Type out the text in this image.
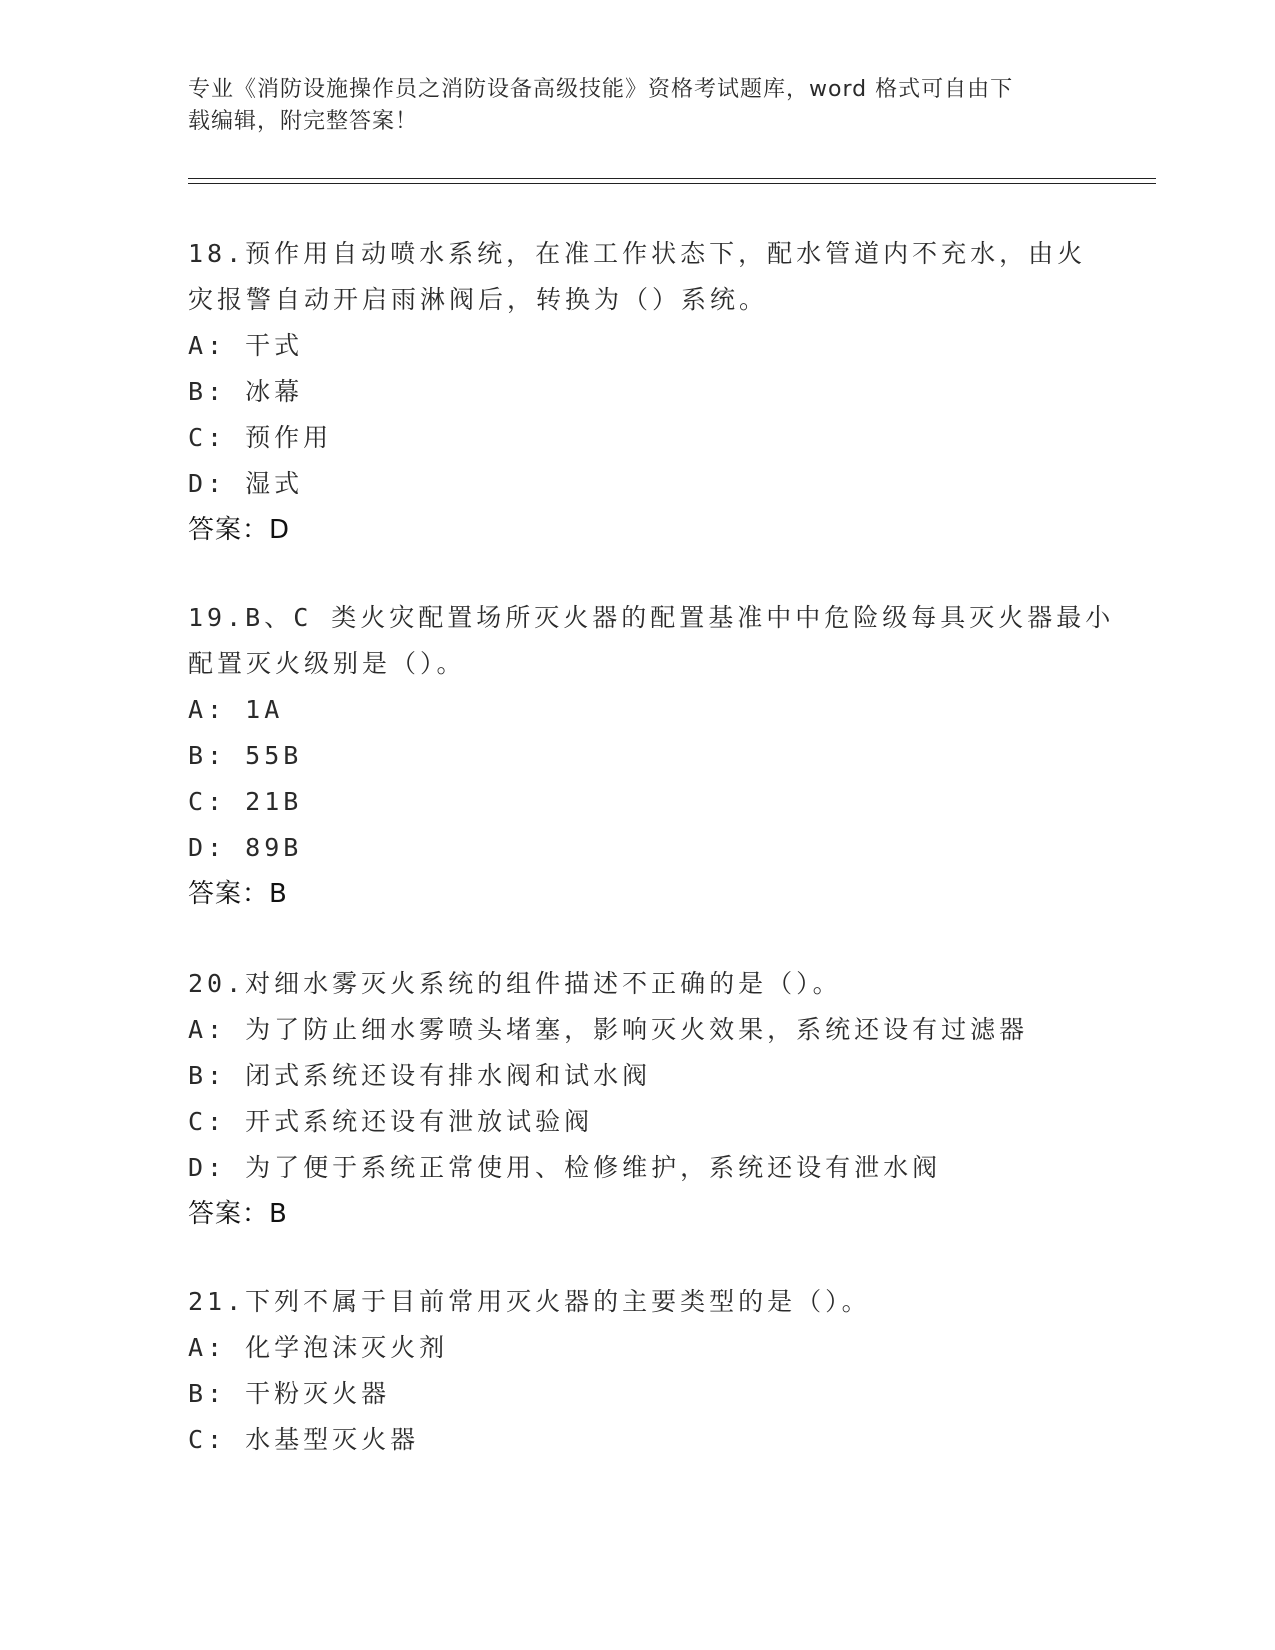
专业《消防设施操作员之消防设备高级技能》资格考试题库，word 格式可自由下
载编辑，附完整答案！
18.预作用自动喷水系统，在准工作状态下，配水管道内不充水，由火
灾报警自动开启雨淋阀后，转换为（）系统。
A: 干式
B: 冰幕
C: 预作用
D: 湿式
答案：D
19.B、C 类火灾配置场所灭火器的配置基准中中危险级每具灭火器最小
配置灭火级别是（）。
A: 1A
B: 55B
C: 21B
D: 89B
答案：B
20.对细水雾灭火系统的组件描述不正确的是（）。
A: 为了防止细水雾喷头堵塞，影响灭火效果，系统还设有过滤器
B: 闭式系统还设有排水阀和试水阀
C: 开式系统还设有泄放试验阀
D: 为了便于系统正常使用、检修维护，系统还设有泄水阀
答案：B
21.下列不属于目前常用灭火器的主要类型的是（）。
A: 化学泡沫灭火剂
B: 干粉灭火器
C: 水基型灭火器
